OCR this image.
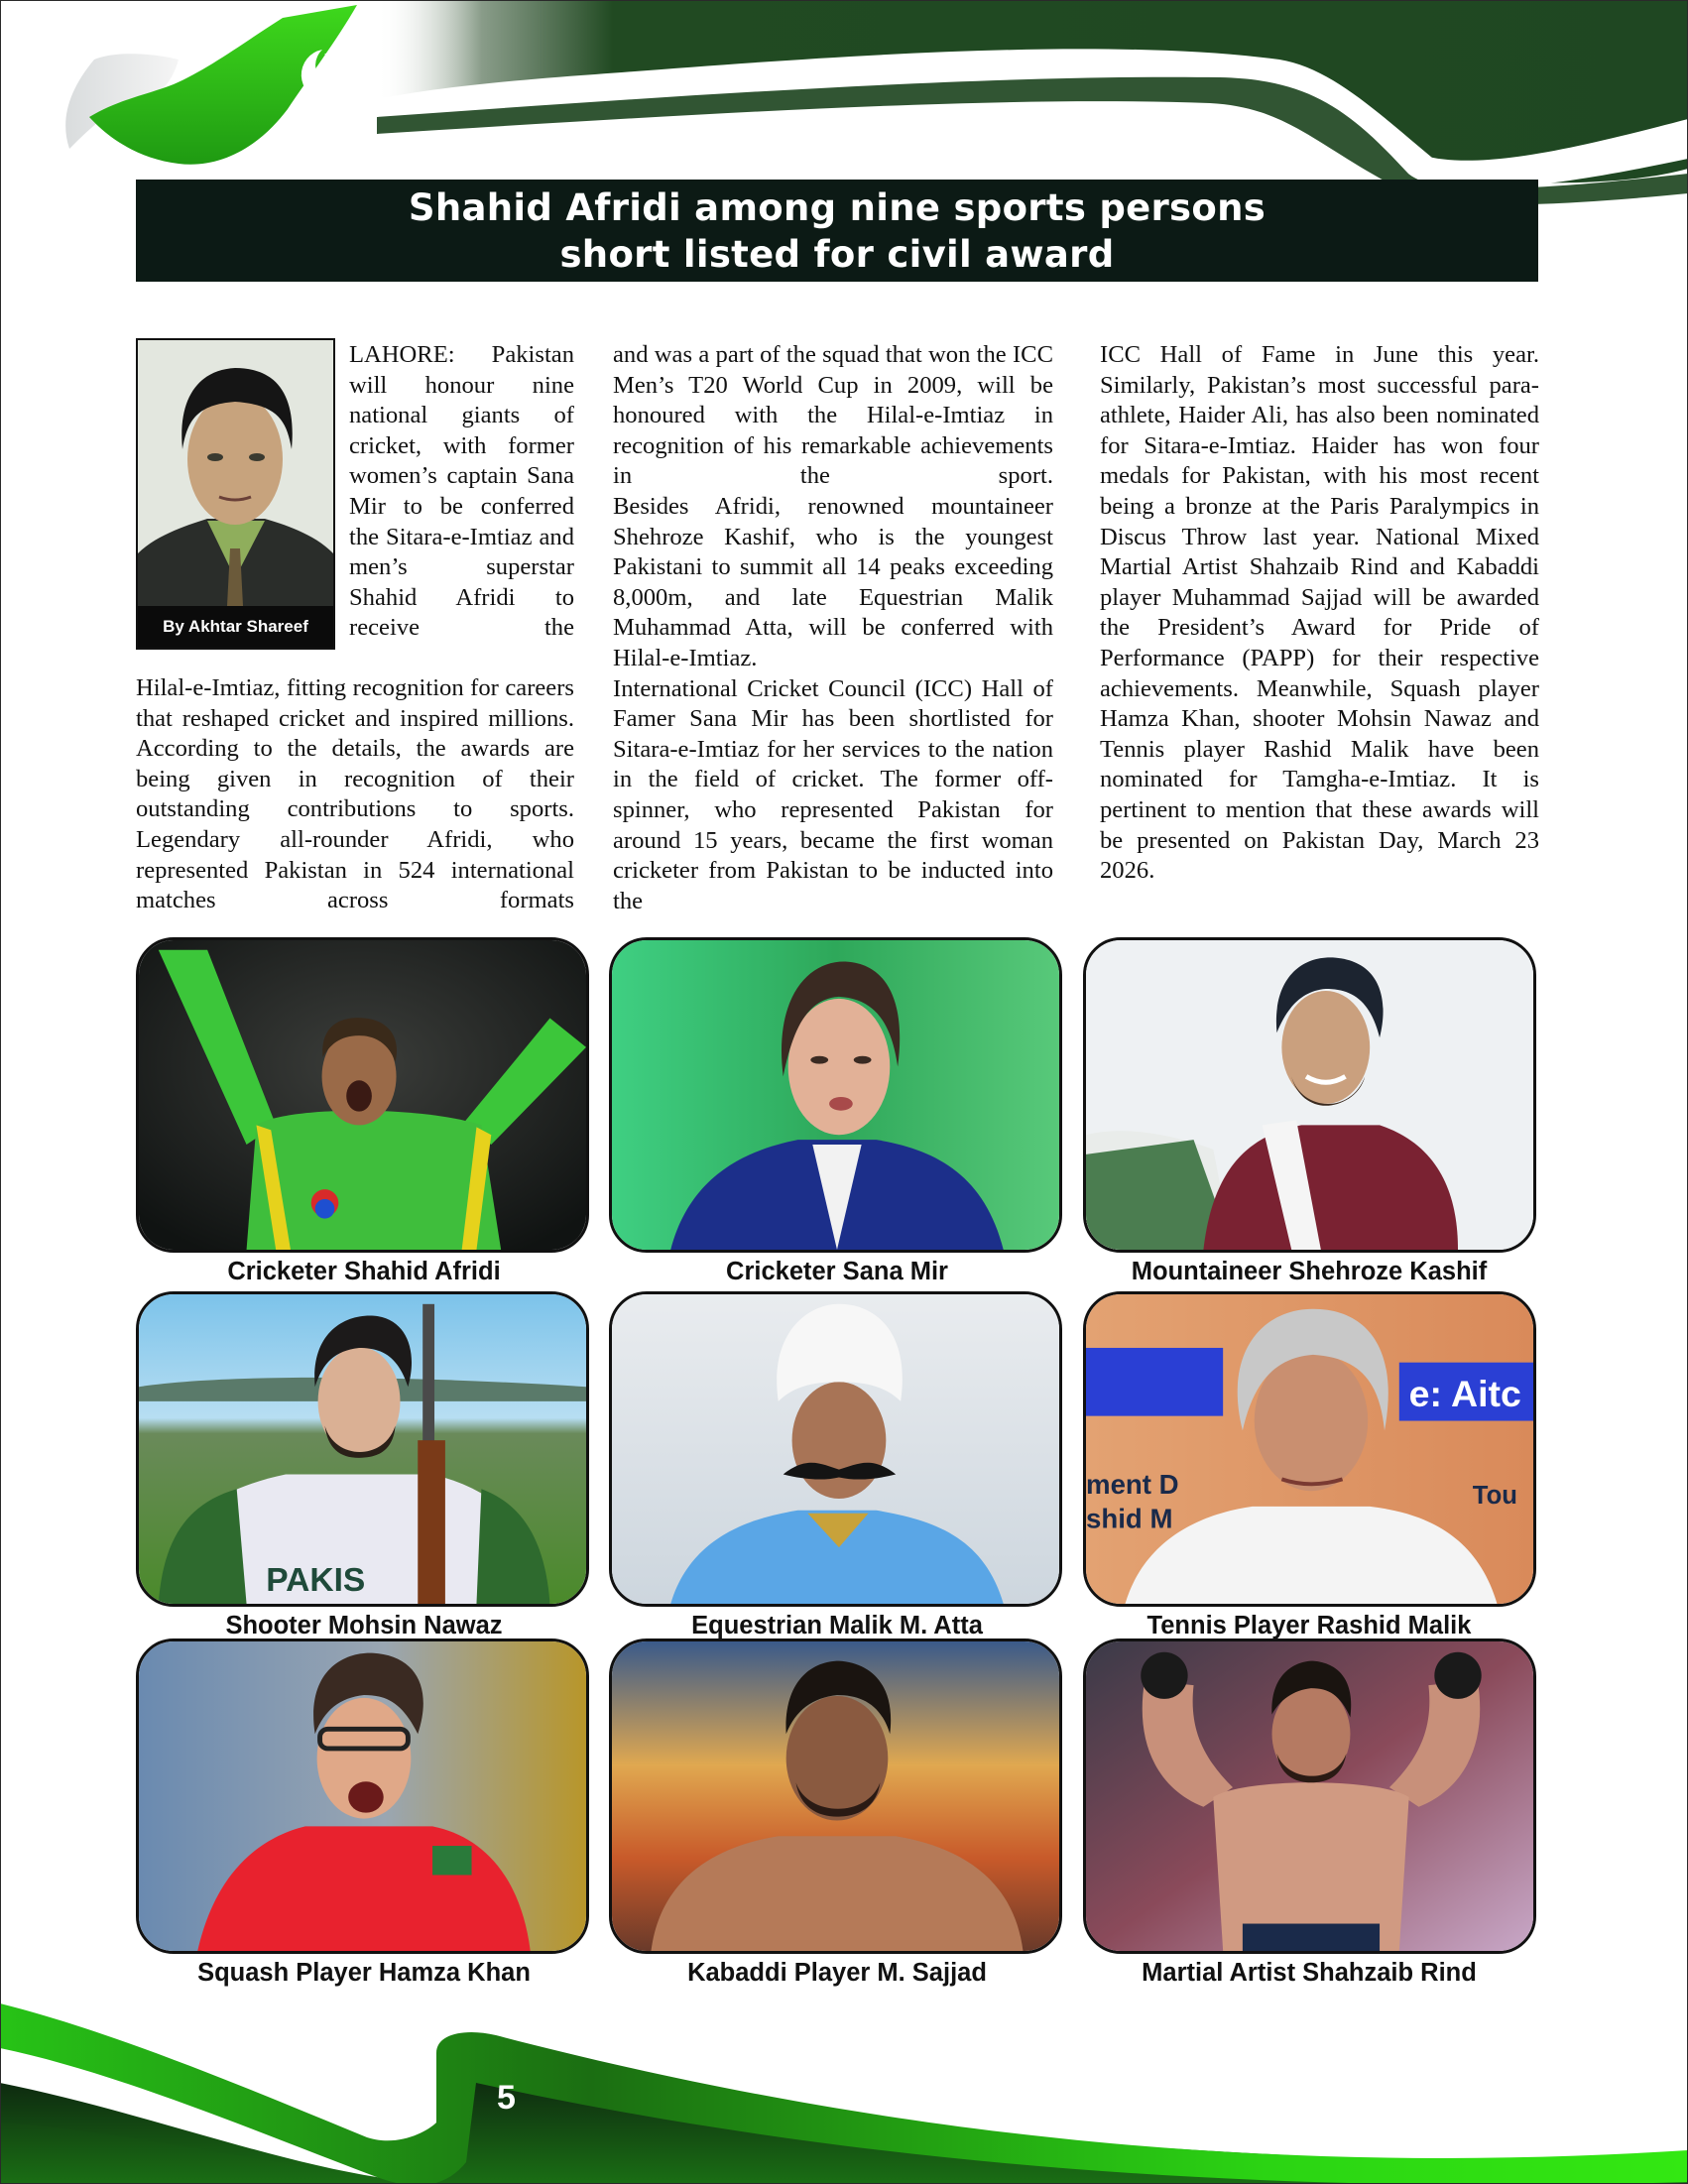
Shahid Afridi among nine sports persons
short listed for civil award
By Akhtar Shareef

LAHORE: Pakistan will honour nine national giants of cricket, with former women’s captain Sana Mir to be conferred the Sitara-e-Imtiaz and men’s superstar Shahid Afridi to receive the

Hilal-e-Imtiaz, fitting recognition for careers that reshaped cricket and inspired millions.

According to the details, the awards are being given in recognition of their outstanding contributions to sports.

Legendary all-rounder Afridi, who represented Pakistan in 524 international matches across formats

and was a part of the squad that won the ICC Men’s T20 World Cup in 2009, will be honoured with the Hilal-e-Imtiaz in recognition of his remarkable achievements in the sport.

Besides Afridi, renowned mountaineer Shehroze Kashif, who is the youngest Pakistani to summit all 14 peaks exceeding 8,000m, and late Equestrian Malik Muhammad Atta, will be conferred with Hilal-e-Imtiaz.

International Cricket Council (ICC) Hall of Famer Sana Mir has been shortlisted for Sitara-e-Imtiaz for her services to the nation in the field of cricket. The former off-spinner, who represented Pakistan for around 15 years, became the first woman cricketer from Pakistan to be inducted into the

ICC Hall of Fame in June this year.

Similarly, Pakistan’s most successful para-athlete, Haider Ali, has also been nominated for Sitara-e-Imtiaz. Haider has won four medals for Pakistan, with his most recent being a bronze at the Paris Paralympics in Discus Throw last year. National Mixed Martial Artist Shahzaib Rind and Kabaddi player Muhammad Sajjad will be awarded the President’s Award for Pride of Performance (PAPP) for their respective achievements. Meanwhile, Squash player Hamza Khan, shooter Mohsin Nawaz and Tennis player Rashid Malik have been nominated for Tamgha-e-Imtiaz. It is pertinent to mention that these awards will be presented on Pakistan Day, March 23 2026.

Cricketer Shahid Afridi	Cricketer Sana Mir	Mountaineer Shehroze Kashif
PAKIS
Shooter Mohsin Nawaz	Equestrian Malik M. Atta
e: Aitc
ment D
shid M
Tou
Tennis Player Rashid Malik
Squash Player Hamza Khan	Kabaddi Player M. Sajjad	Martial Artist Shahzaib Rind
5
